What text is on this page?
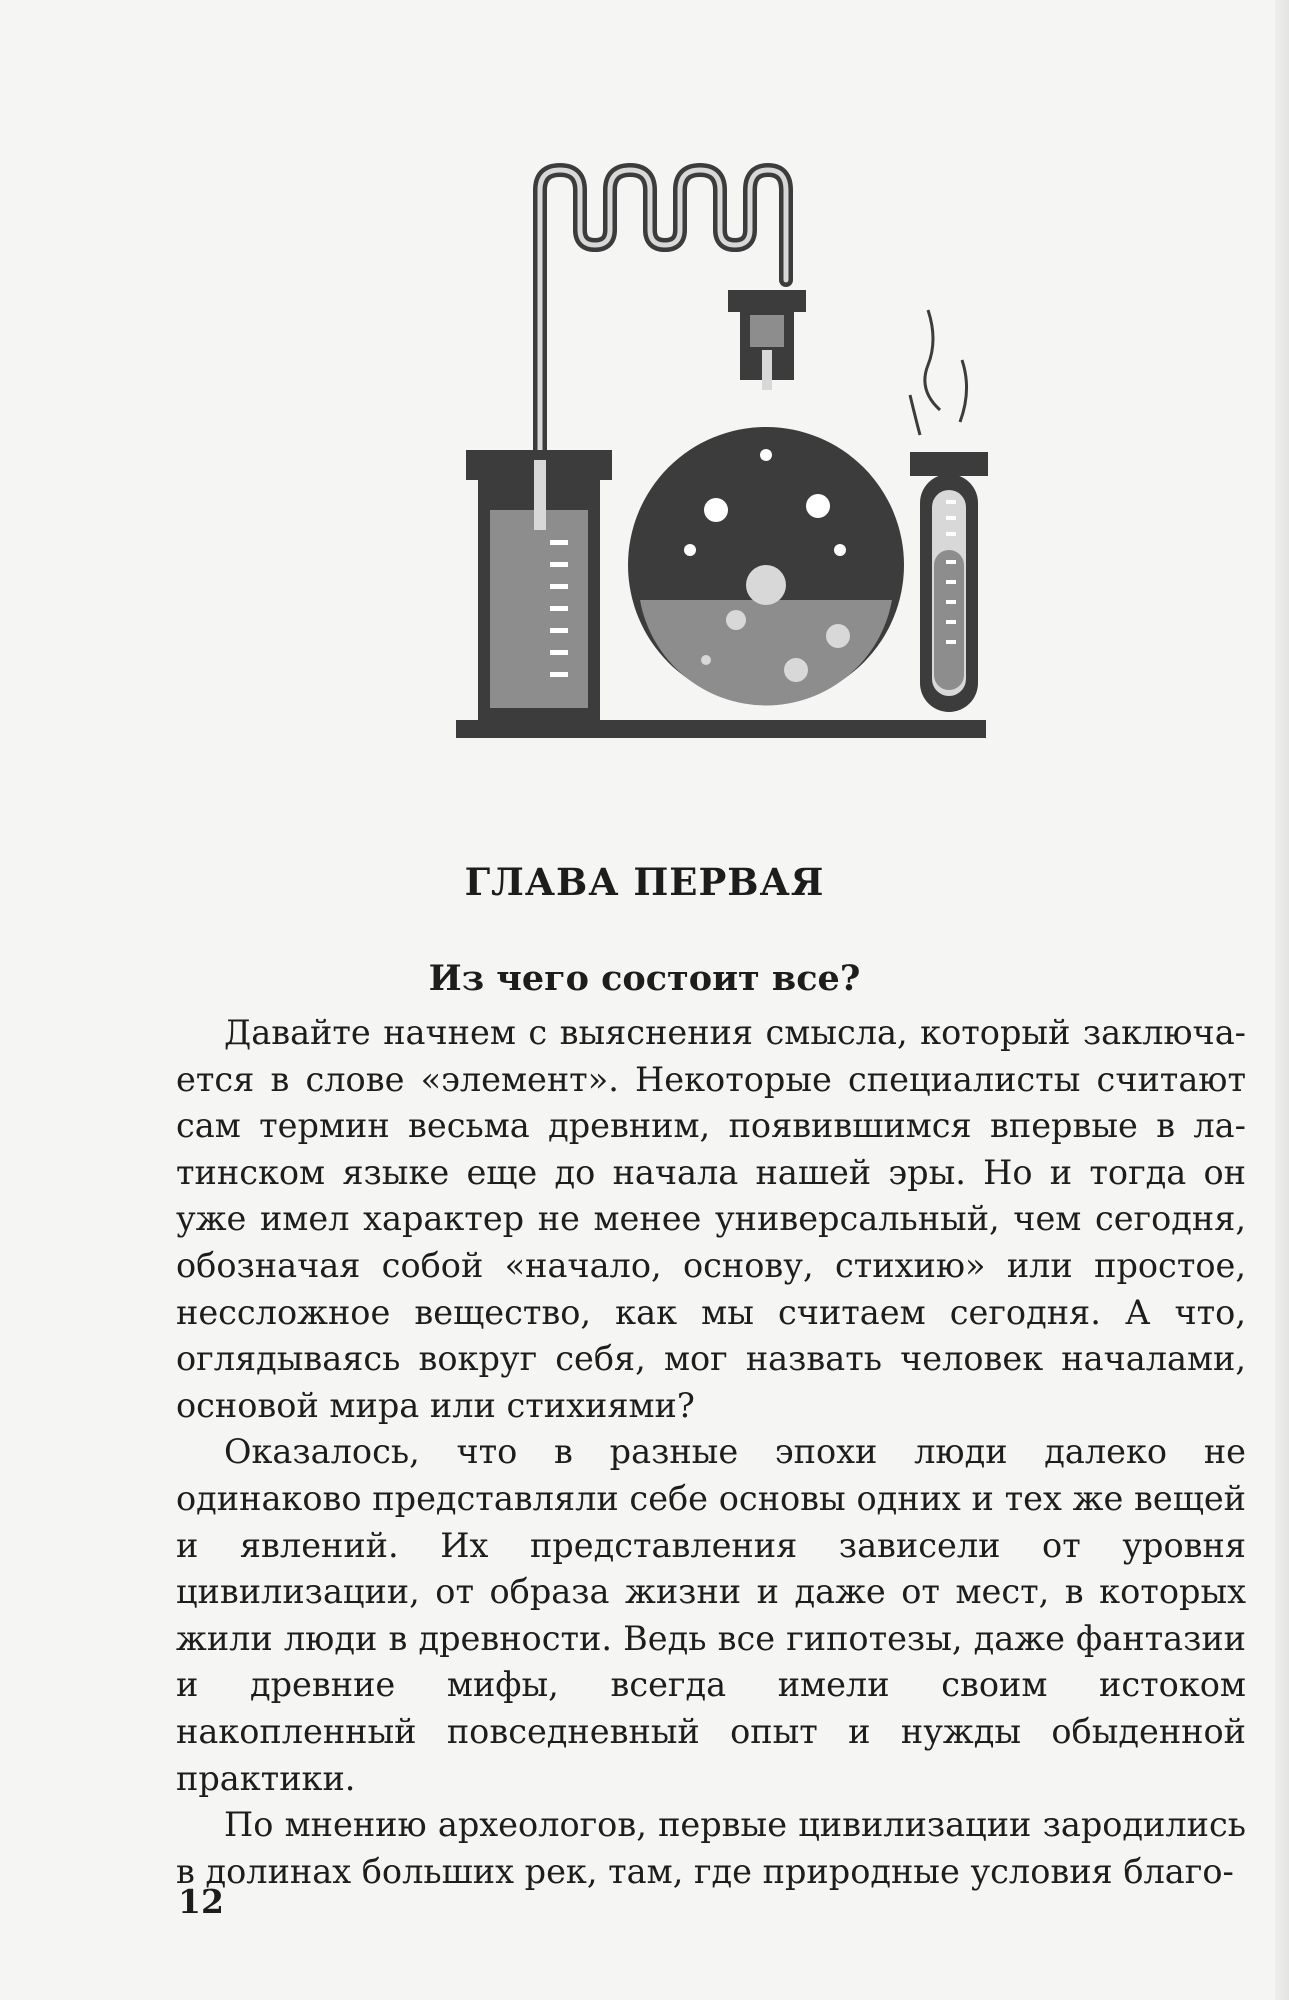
ГЛАВА ПЕРВАЯ
Из чего состоит все?

Давайте начнем с выяснения смысла, который заключается в слове «элемент». Некоторые специалисты считают сам термин весьма древним, появившимся впервые в латинском языке еще до начала нашей эры. Но и тогда он уже имел характер не менее универсальный, чем сегодня, обозначая собой «начало, основу, стихию» или простое, нессложное вещество, как мы считаем сегодня. А что, оглядываясь вокруг себя, мог назвать человек началами, основой мира или стихиями?

Оказалось, что в разные эпохи люди далеко не одинаково представляли себе основы одних и тех же вещей и явлений. Их представления зависели от уровня цивилизации, от образа жизни и даже от мест, в которых жили люди в древности. Ведь все гипотезы, даже фантазии и древние мифы, всегда имели своим истоком накопленный повседневный опыт и нужды обыденной практики.

По мнению археологов, первые цивилизации зародились в долинах больших рек, там, где природные условия благо-

12
